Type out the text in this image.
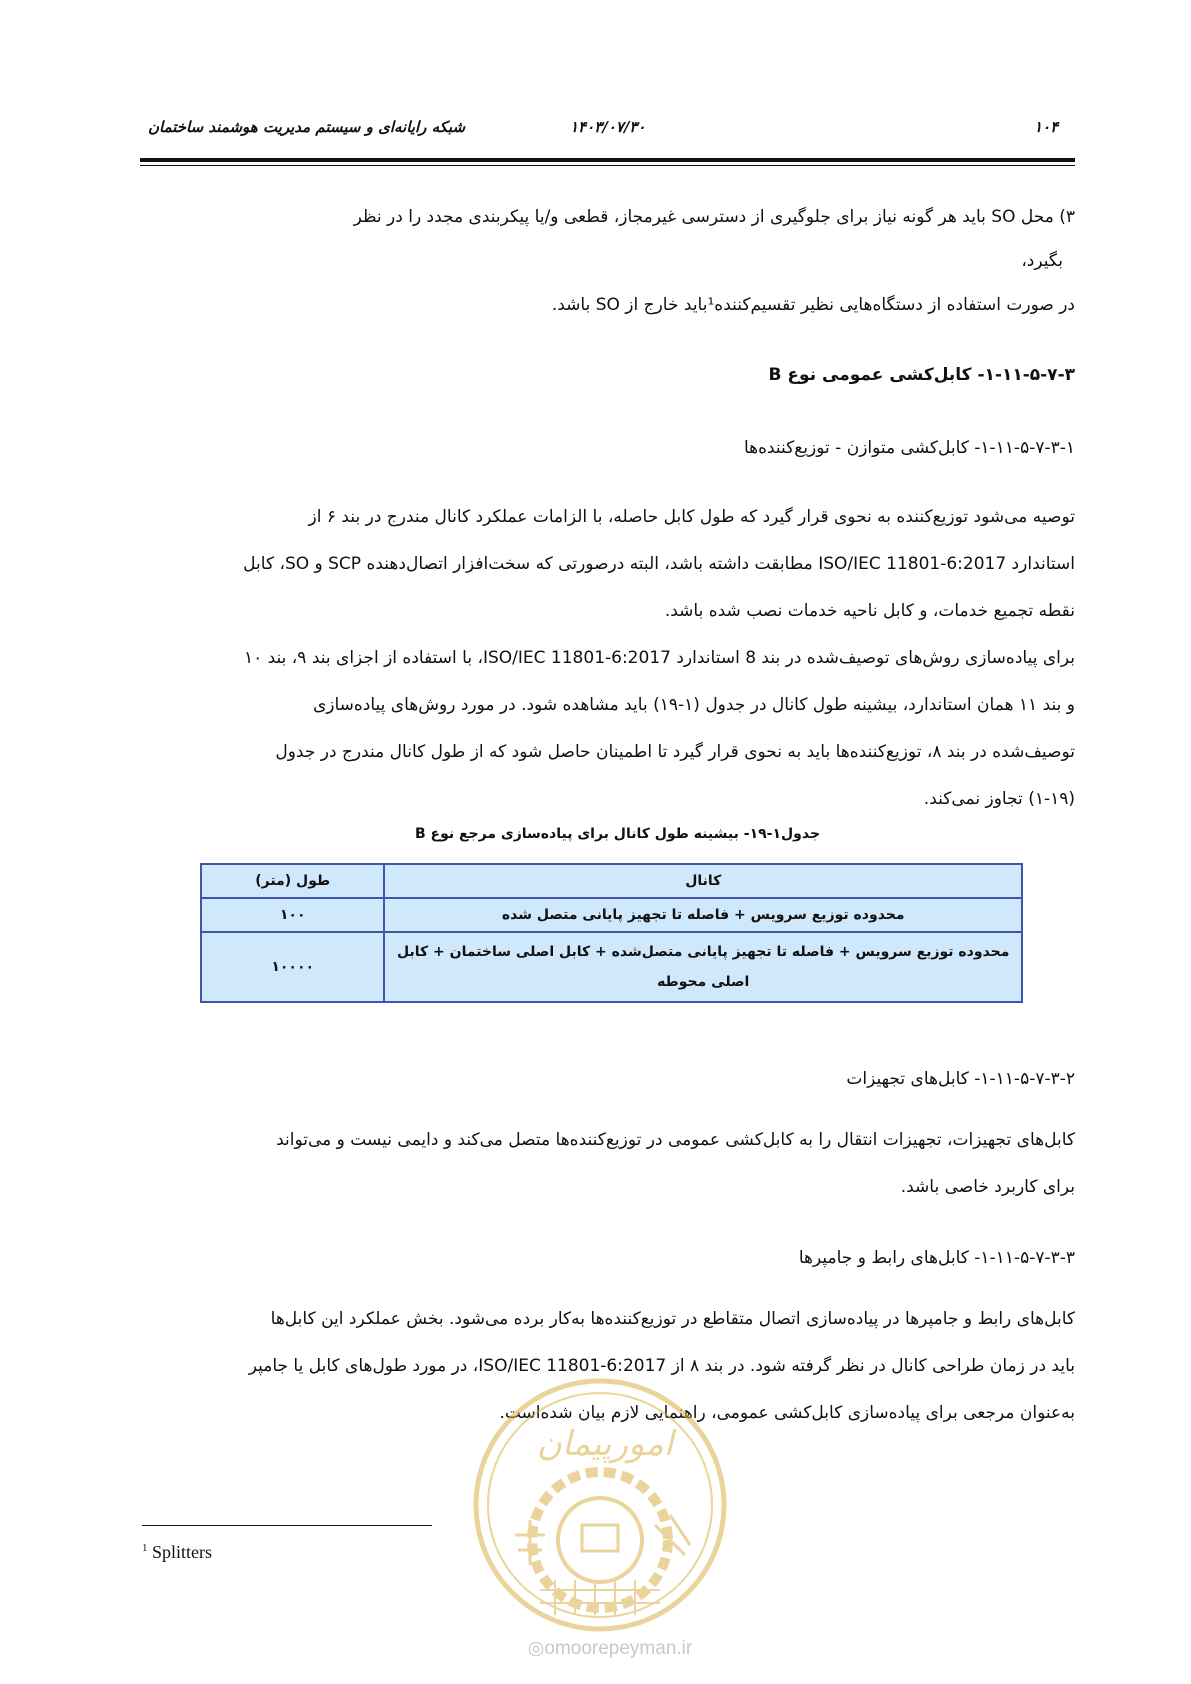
شبکه رایانه‌ای و سیستم مدیریت هوشمند ساختمان	۱۴۰۳/۰۷/۳۰	۱۰۴

۳) محل SO باید هر گونه نیاز برای جلوگیری از دسترسی غیرمجاز، قطعی و/یا پیکربندی مجدد را در نظر

بگیرد،

در صورت استفاده از دستگاه‌هایی نظیر تقسیم‌کننده¹باید خارج از SO باشد.

۱-۱۱-۵-۷-۳- کابل‌کشی عمومی نوع B

۱-۱۱-۵-۷-۳-۱- کابل‌کشی متوازن - توزیع‌کننده‌ها

توصیه می‌شود توزیع‌کننده به نحوی قرار گیرد که طول کابل حاصله، با الزامات عملکرد کانال مندرج در بند ۶ از

استاندارد ISO/IEC 11801-6:2017 مطابقت داشته باشد، البته درصورتی که سخت‌افزار اتصال‌دهنده SCP و SO، کابل

نقطه تجمیع خدمات، و کابل ناحیه خدمات نصب شده باشد.

برای پیاده‌سازی روش‌های توصیف‌شده در بند 8 استاندارد ISO/IEC 11801-6:2017، با استفاده از اجزای بند ۹، بند ۱۰

و بند ۱۱ همان استاندارد، بیشینه طول کانال در جدول (۱-۱۹) باید مشاهده شود. در مورد روش‌های پیاده‌سازی

توصیف‌شده در بند ۸، توزیع‌کننده‌ها باید به نحوی قرار گیرد تا اطمینان حاصل شود که از طول کانال مندرج در جدول

(۱-۱۹) تجاوز نمی‌کند.

جدول۱-۱۹- بیشینه طول کانال برای پیاده‌سازی مرجع نوع B
کانال	طول (متر)
محدوده توزیع سرویس + فاصله تا تجهیز پایانی متصل شده	۱۰۰
محدوده توزیع سرویس + فاصله تا تجهیز پایانی متصل‌شده + کابل اصلی ساختمان + کابل اصلی محوطه	۱۰۰۰۰

۱-۱۱-۵-۷-۳-۲- کابل‌های تجهیزات

کابل‌های تجهیزات، تجهیزات انتقال را به کابل‌کشی عمومی در توزیع‌کننده‌ها متصل می‌کند و دایمی نیست و می‌تواند

برای کاربرد خاصی باشد.

۱-۱۱-۵-۷-۳-۳- کابل‌های رابط و جامپرها

کابل‌های رابط و جامپرها در پیاده‌سازی اتصال متقاطع در توزیع‌کننده‌ها به‌کار برده می‌شود. بخش عملکرد این کابل‌ها

باید در زمان طراحی کانال در نظر گرفته شود. در بند ۸ از ISO/IEC 11801-6:2017، در مورد طول‌های کابل یا جامپر

به‌عنوان مرجعی برای پیاده‌سازی کابل‌کشی عمومی، راهنمایی لازم بیان شده‌است.

$^1$ Splitters
امورپیمان
◎omoorepeyman.ir
